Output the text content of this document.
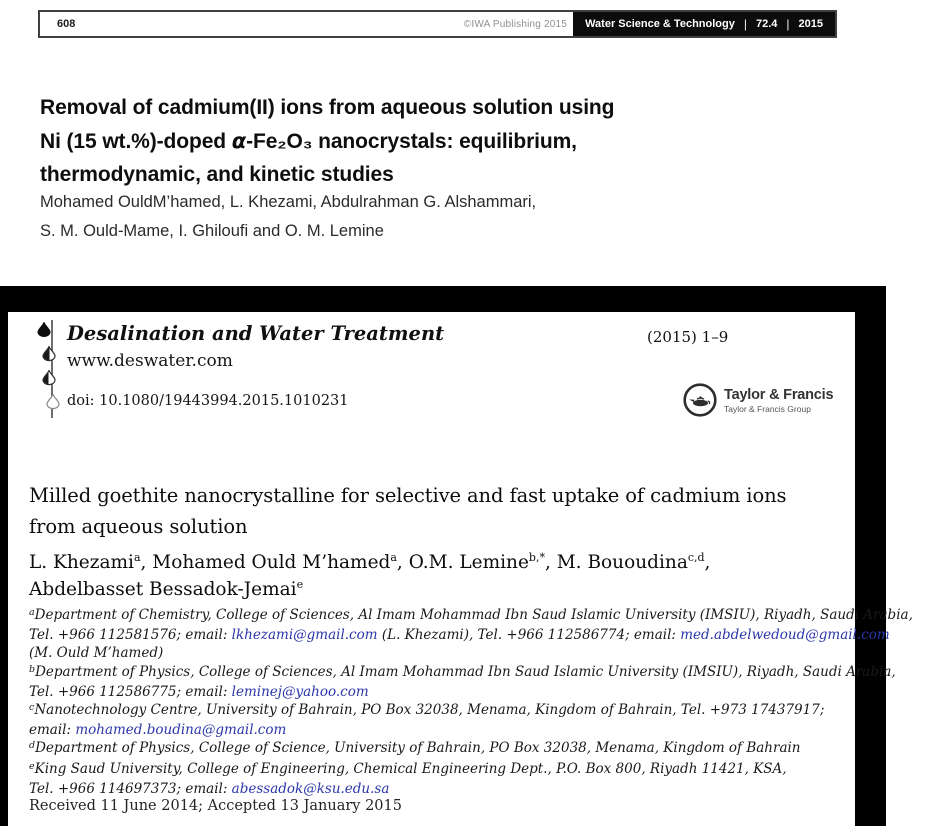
608	©IWA Publishing 2015	Water Science & Technology | 72.4 | 2015
Removal of cadmium(II) ions from aqueous solution using
Ni (15 wt.%)-doped α-Fe₂O₃ nanocrystals: equilibrium,
thermodynamic, and kinetic studies
Mohamed OuldM’hamed, L. Khezami, Abdulrahman G. Alshammari,
S. M. Ould-Mame, I. Ghiloufi and O. M. Lemine
Desalination and Water Treatment
www.deswater.com
doi: 10.1080/19443994.2015.1010231
(2015) 1–9
Taylor & Francis
Taylor & Francis Group
Milled goethite nanocrystalline for selective and fast uptake of cadmium ions
from aqueous solution
L. Khezami$^a$, Mohamed Ould M’hamed$^a$, O.M. Lemine$^{b,*}$, M. Bououdina$^{c,d}$,
Abdelbasset Bessadok-Jemai$^e$
$^a$Department of Chemistry, College of Sciences, Al Imam Mohammad Ibn Saud Islamic University (IMSIU), Riyadh, Saudi Arabia,
Tel. +966 112581576; email: lkhezami@gmail.com (L. Khezami), Tel. +966 112586774; email: med.abdelwedoud@gmail.com
(M. Ould M’hamed)
$^b$Department of Physics, College of Sciences, Al Imam Mohammad Ibn Saud Islamic University (IMSIU), Riyadh, Saudi Arabia,
Tel. +966 112586775; email: leminej@yahoo.com
$^c$Nanotechnology Centre, University of Bahrain, PO Box 32038, Menama, Kingdom of Bahrain, Tel. +973 17437917;
email: mohamed.boudina@gmail.com
$^d$Department of Physics, College of Science, University of Bahrain, PO Box 32038, Menama, Kingdom of Bahrain
$^e$King Saud University, College of Engineering, Chemical Engineering Dept., P.O. Box 800, Riyadh 11421, KSA,
Tel. +966 114697373; email: abessadok@ksu.edu.sa
Received 11 June 2014; Accepted 13 January 2015
